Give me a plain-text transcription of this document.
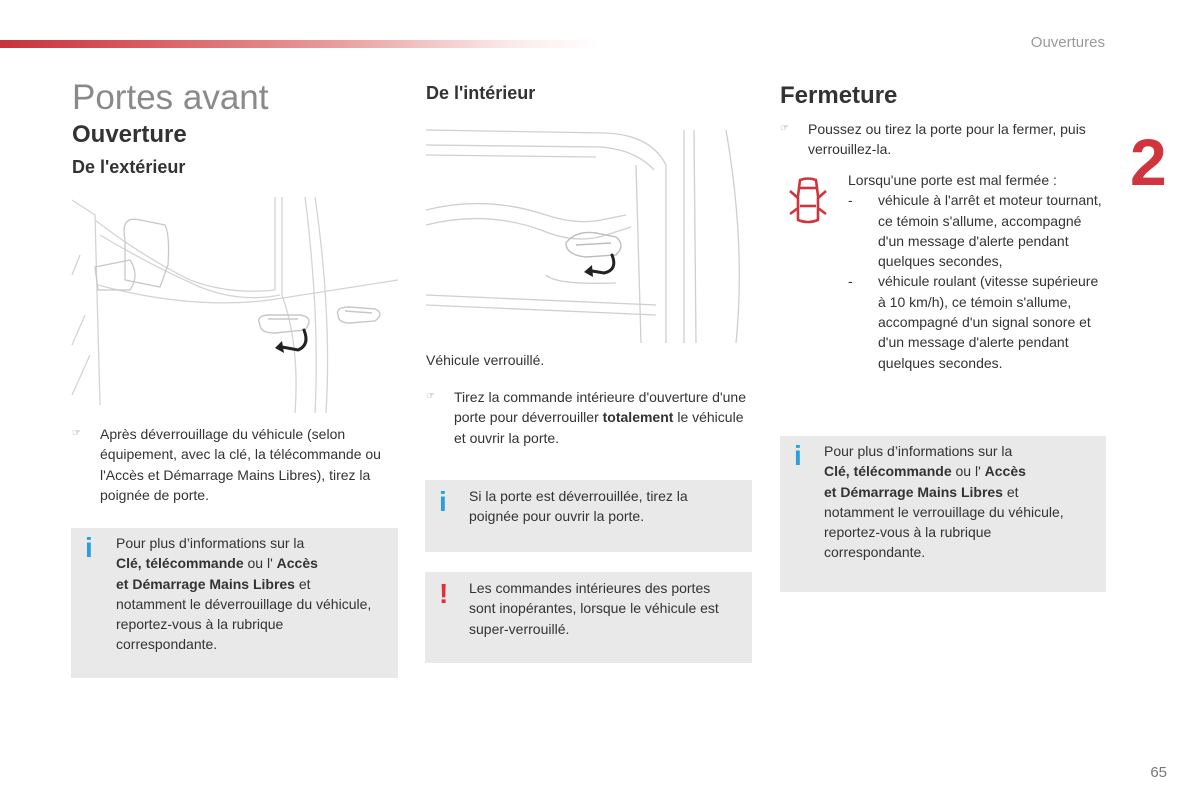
Ouvertures
2
Portes avant
Ouverture
De l'extérieur
☞	Après déverrouillage du véhicule (selon équipement, avec la clé, la télécommande ou l'Accès et Démarrage Mains Libres), tirez la poignée de porte.
i Pour plus d’informations sur la
Clé, télécommande ou l' Accès
et Démarrage Mains Libres et
notamment le déverrouillage du véhicule, reportez-vous à la rubrique correspondante.
De l'intérieur
Véhicule verrouillé.
☞	Tirez la commande intérieure d'ouverture d'une porte pour déverrouiller totalement le véhicule et ouvrir la porte.
i Si la porte est déverrouillée, tirez la poignée pour ouvrir la porte.
! Les commandes intérieures des portes sont inopérantes, lorsque le véhicule est super-verrouillé.
Fermeture
☞	Poussez ou tirez la porte pour la fermer, puis verrouillez-la.
Lorsqu'une porte est mal fermée :
-	véhicule à l'arrêt et moteur tournant, ce témoin s'allume, accompagné d'un message d'alerte pendant quelques secondes,
-	véhicule roulant (vitesse supérieure à 10 km/h), ce témoin s'allume, accompagné d'un signal sonore et d'un message d'alerte pendant quelques secondes.
i Pour plus d’informations sur la
Clé, télécommande ou l' Accès
et Démarrage Mains Libres et
notamment le verrouillage du véhicule, reportez-vous à la rubrique correspondante.
65
